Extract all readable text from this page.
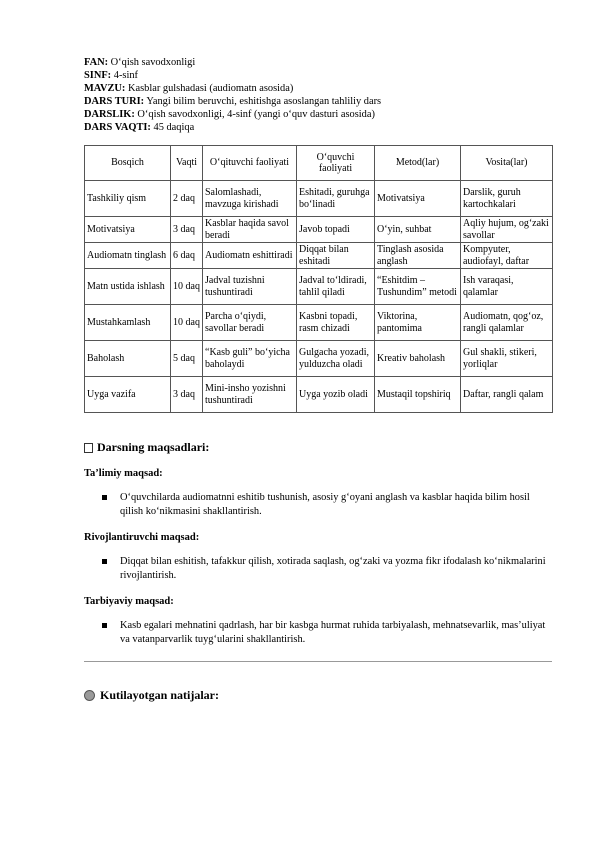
FAN: O‘qish savodxonligi
SINF: 4-sinf
MAVZU: Kasblar gulshadasi (audiomatn asosida)
DARS TURI: Yangi bilim beruvchi, eshitishga asoslangan tahliliy dars
DARSLIK: O‘qish savodxonligi, 4-sinf (yangi o‘quv dasturi asosida)
DARS VAQTI: 45 daqiqa
Bosqich	Vaqti	O‘qituvchi faoliyati	O‘quvchi faoliyati	Metod(lar)	Vosita(lar)
Tashkiliy qism	2 daq	Salomlashadi, mavzuga kirishadi	Eshitadi, guruhga bo‘linadi	Motivatsiya	Darslik, guruh kartochkalari
Motivatsiya	3 daq	Kasblar haqida savol beradi	Javob topadi	O‘yin, suhbat	Aqliy hujum, og‘zaki savollar
Audiomatn tinglash	6 daq	Audiomatn eshittiradi	Diqqat bilan eshitadi	Tinglash asosida anglash	Kompyuter, audiofayl, daftar
Matn ustida ishlash	10 daq	Jadval tuzishni tushuntiradi	Jadval to‘ldiradi, tahlil qiladi	“Eshitdim – Tushundim” metodi	Ish varaqasi, qalamlar
Mustahkamlash	10 daq	Parcha o‘qiydi, savollar beradi	Kasbni topadi, rasm chizadi	Viktorina, pantomima	Audiomatn, qog‘oz, rangli qalamlar
Baholash	5 daq	“Kasb guli” bo‘yicha baholaydi	Gulgacha yozadi, yulduzcha oladi	Kreativ baholash	Gul shakli, stikeri, yorliqlar
Uyga vazifa	3 daq	Mini-insho yozishni tushuntiradi	Uyga yozib oladi	Mustaqil topshiriq	Daftar, rangli qalam
Darsning maqsadlari:
Ta’limiy maqsad:
O‘quvchilarda audiomatnni eshitib tushunish, asosiy g‘oyani anglash va kasblar haqida bilim hosil qilish ko‘nikmasini shakllantirish.
Rivojlantiruvchi maqsad:
Diqqat bilan eshitish, tafakkur qilish, xotirada saqlash, og‘zaki va yozma fikr ifodalash ko‘nikmalarini rivojlantirish.
Tarbiyaviy maqsad:
Kasb egalari mehnatini qadrlash, har bir kasbga hurmat ruhida tarbiyalash, mehnatsevarlik, mas’uliyat va vatanparvarlik tuyg‘ularini shakllantirish.
Kutilayotgan natijalar:
